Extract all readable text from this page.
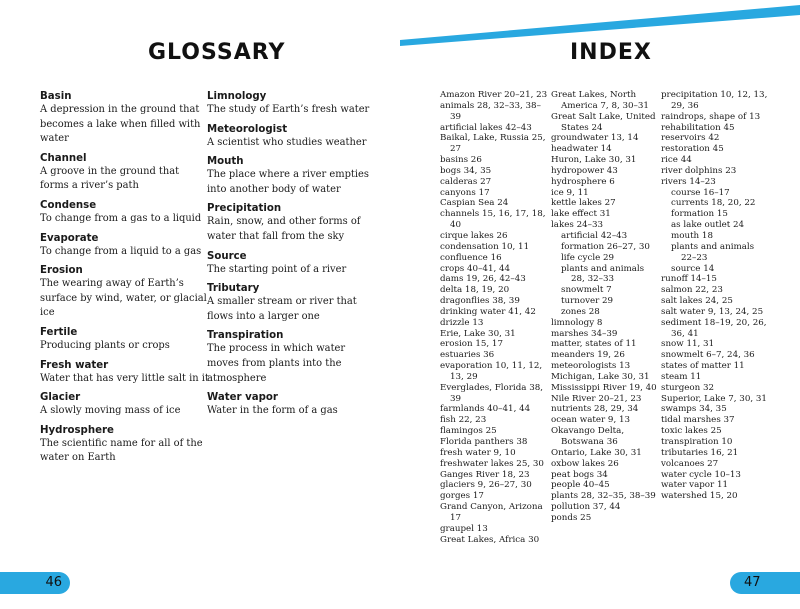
GLOSSARY

Basin

A depression in the ground that becomes a lake when filled with water

Channel

A groove in the ground that forms a river’s path

Condense

To change from a gas to a liquid

Evaporate

To change from a liquid to a gas

Erosion

The wearing away of Earth’s surface by wind, water, or glacial ice

Fertile

Producing plants or crops

Fresh water

Water that has very little salt in it

Glacier

A slowly moving mass of ice

Hydrosphere

The scientific name for all of the water on Earth

Limnology

The study of Earth’s fresh water

Meteorologist

A scientist who studies weather

Mouth

The place where a river empties into another body of water

Precipitation

Rain, snow, and other forms of water that fall from the sky

Source

The starting point of a river

Tributary

A smaller stream or river that flows into a larger one

Transpiration

The process in which water moves from plants into the atmosphere

Water vapor

Water in the form of a gas

INDEX

Amazon River 20–21, 23

animals 28, 32–33, 38–39

artificial lakes 42–43

Baikal, Lake, Russia 25, 27

basins 26

bogs 34, 35

calderas 27

canyons 17

Caspian Sea 24

channels 15, 16, 17, 18, 40

cirque lakes 26

condensation 10, 11

confluence 16

crops 40–41, 44

dams 19, 26, 42–43

delta 18, 19, 20

dragonflies 38, 39

drinking water 41, 42

drizzle 13

Erie, Lake 30, 31

erosion 15, 17

estuaries 36

evaporation 10, 11, 12, 13, 29

Everglades, Florida 38, 39

farmlands 40–41, 44

fish 22, 23

flamingos 25

Florida panthers 38

fresh water 9, 10

freshwater lakes 25, 30

Ganges River 18, 23

glaciers 9, 26–27, 30

gorges 17

Grand Canyon, Arizona 17

graupel 13

Great Lakes, Africa 30

Great Lakes, North America 7, 8, 30–31

Great Salt Lake, United States 24

groundwater 13, 14

headwater 14

Huron, Lake 30, 31

hydropower 43

hydrosphere 6

ice 9, 11

kettle lakes 27

lake effect 31

lakes 24–33

artificial 42–43

formation 26–27, 30

life cycle 29

plants and animals 28, 32–33

snowmelt 7

turnover 29

zones 28

limnology 8

marshes 34–39

matter, states of 11

meanders 19, 26

meteorologists 13

Michigan, Lake 30, 31

Mississippi River 19, 40

Nile River 20–21, 23

nutrients 28, 29, 34

ocean water 9, 13

Okavango Delta, Botswana 36

Ontario, Lake 30, 31

oxbow lakes 26

peat bogs 34

people 40–45

plants 28, 32–35, 38–39

pollution 37, 44

ponds 25

precipitation 10, 12, 13, 29, 36

raindrops, shape of 13

rehabilitation 45

reservoirs 42

restoration 45

rice 44

river dolphins 23

rivers 14–23

course 16–17

currents 18, 20, 22

formation 15

as lake outlet 24

mouth 18

plants and animals 22–23

source 14

runoff 14–15

salmon 22, 23

salt lakes 24, 25

salt water 9, 13, 24, 25

sediment 18–19, 20, 26, 36, 41

snow 11, 31

snowmelt 6–7, 24, 36

states of matter 11

steam 11

sturgeon 32

Superior, Lake 7, 30, 31

swamps 34, 35

tidal marshes 37

toxic lakes 25

transpiration 10

tributaries 16, 21

volcanoes 27

water cycle 10–13

water vapor 11

watershed 15, 20

46	47
